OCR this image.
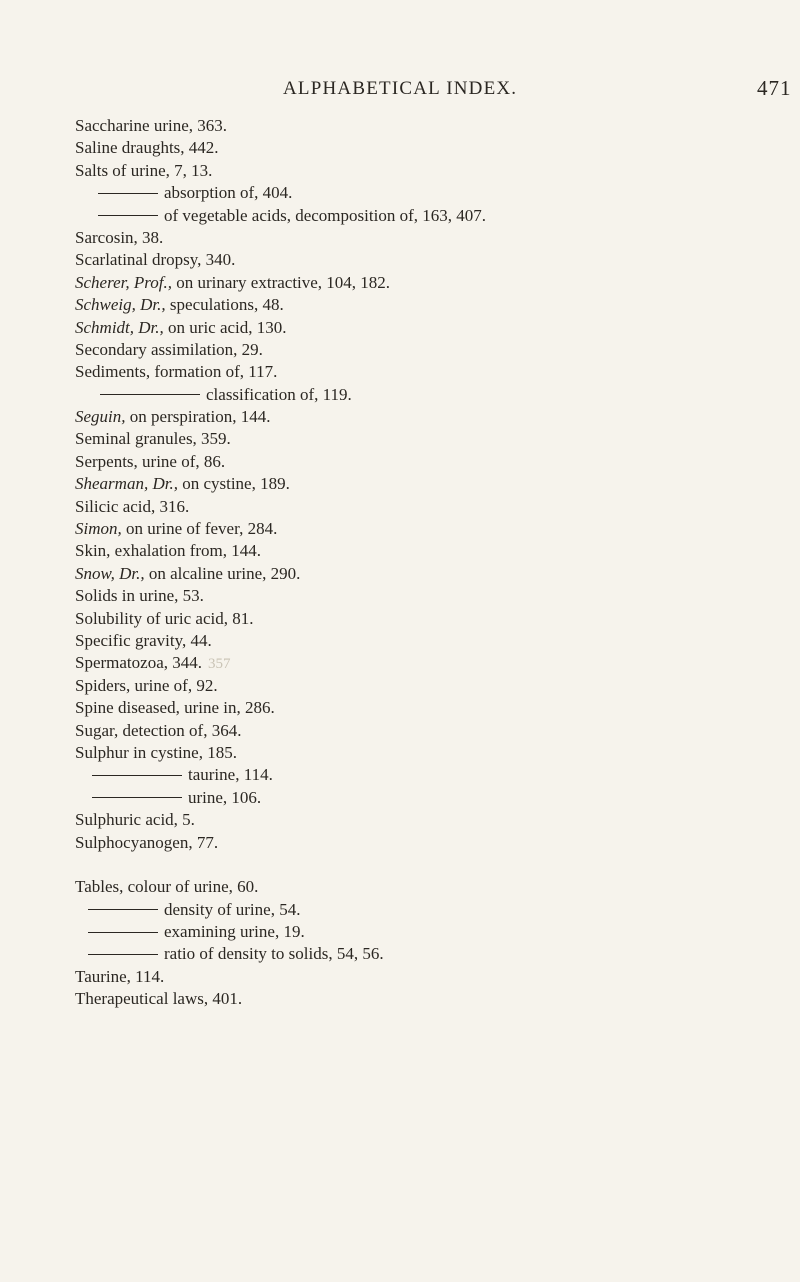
ALPHABETICAL INDEX.	471
Saccharine urine, 363.
Saline draughts, 442.
Salts of urine, 7, 13.
absorption of, 404.
of vegetable acids, decomposition of, 163, 407.
Sarcosin, 38.
Scarlatinal dropsy, 340.
Scherer, Prof., on urinary extractive, 104, 182.
Schweig, Dr., speculations, 48.
Schmidt, Dr., on uric acid, 130.
Secondary assimilation, 29.
Sediments, formation of, 117.
classification of, 119.
Seguin, on perspiration, 144.
Seminal granules, 359.
Serpents, urine of, 86.
Shearman, Dr., on cystine, 189.
Silicic acid, 316.
Simon, on urine of fever, 284.
Skin, exhalation from, 144.
Snow, Dr., on alcaline urine, 290.
Solids in urine, 53.
Solubility of uric acid, 81.
Specific gravity, 44.
Spermatozoa, 344. 357
Spiders, urine of, 92.
Spine diseased, urine in, 286.
Sugar, detection of, 364.
Sulphur in cystine, 185.
taurine, 114.
urine, 106.
Sulphuric acid, 5.
Sulphocyanogen, 77.
Tables, colour of urine, 60.
density of urine, 54.
examining urine, 19.
ratio of density to solids, 54, 56.
Taurine, 114.
Therapeutical laws, 401.
